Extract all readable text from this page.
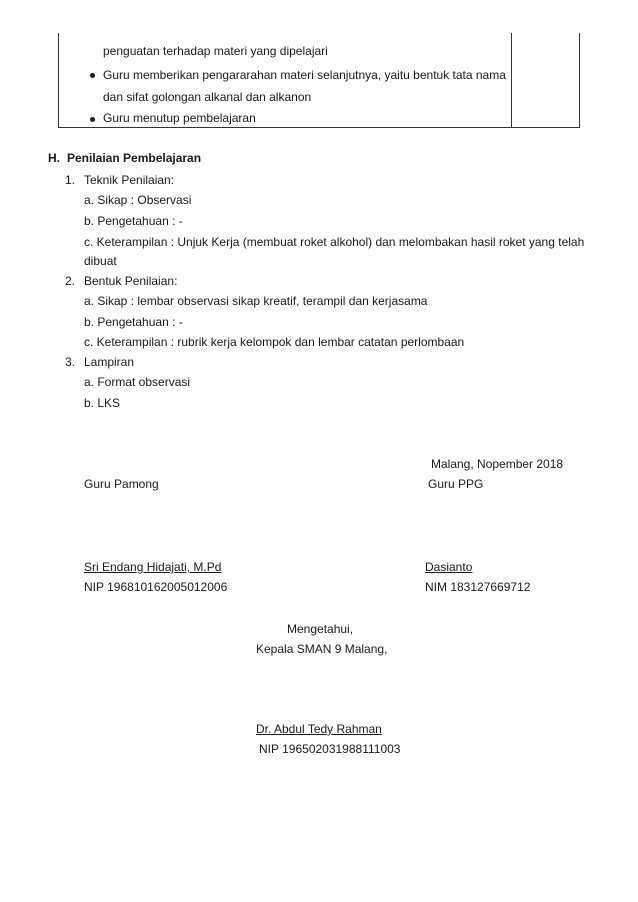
penguatan terhadap materi yang dipelajari
Guru memberikan pengararahan materi selanjutnya, yaitu bentuk tata nama
dan sifat golongan alkanal dan alkanon
Guru menutup pembelajaran
H. Penilaian Pembelajaran
1. Teknik Penilaian:
a. Sikap : Observasi
b. Pengetahuan : -
c. Keterampilan : Unjuk Kerja (membuat roket alkohol) dan melombakan hasil roket yang telah
dibuat
2. Bentuk Penilaian:
a. Sikap : lembar observasi sikap kreatif, terampil dan kerjasama
b. Pengetahuan : -
c. Keterampilan : rubrik kerja kelompok dan lembar catatan perlombaan
3. Lampiran
a. Format observasi
b. LKS
Malang, Nopember 2018
Guru Pamong	Guru PPG
Sri Endang Hidajati, M.Pd	Dasianto
NIP 196810162005012006	NIM 183127669712
Mengetahui,
Kepala SMAN 9 Malang,
Dr. Abdul Tedy Rahman
NIP 196502031988111003
